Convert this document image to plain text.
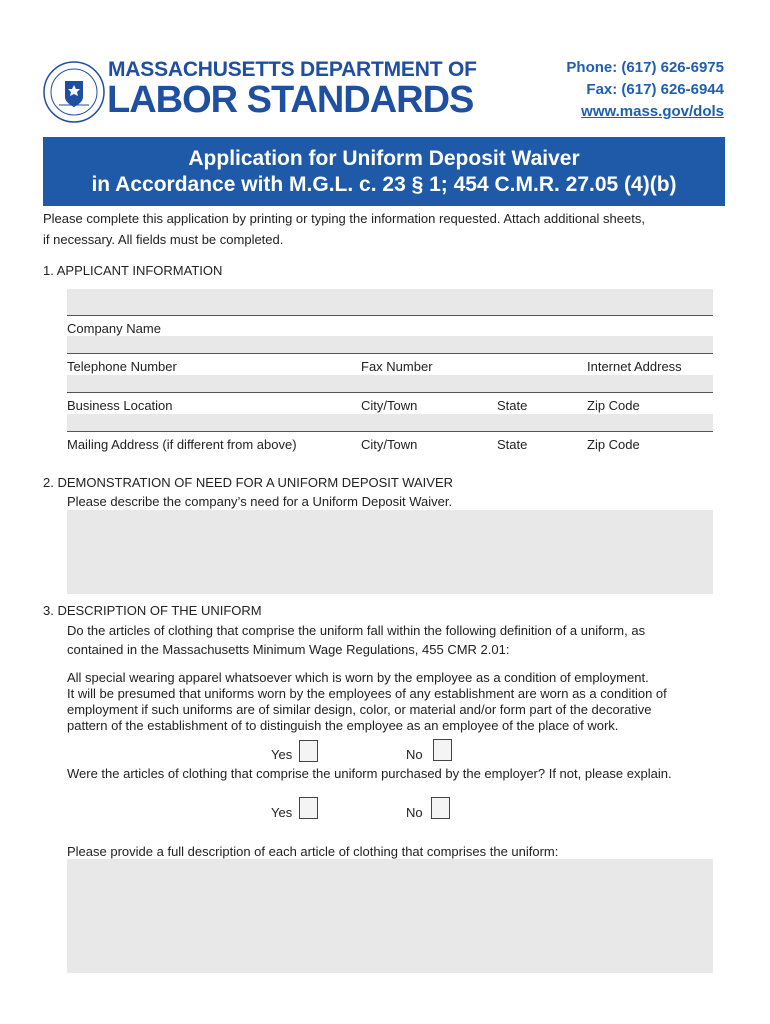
MASSACHUSETTS DEPARTMENT OF
LABOR STANDARDS
Phone: (617) 626-6975
Fax: (617) 626-6944
www.mass.gov/dols
Application for Uniform Deposit Waiver
in Accordance with M.G.L. c. 23 § 1; 454 C.M.R. 27.05 (4)(b)
Please complete this application by printing or typing the information requested. Attach additional sheets,
if necessary. All fields must be completed.
1. APPLICANT INFORMATION
Company Name
Telephone Number	Fax Number	Internet Address
Business Location	City/Town	State	Zip Code
Mailing Address (if different from above)	City/Town	State	Zip Code
2. DEMONSTRATION OF NEED FOR A UNIFORM DEPOSIT WAIVER
Please describe the company’s need for a Uniform Deposit Waiver.
3. DESCRIPTION OF THE UNIFORM
Do the articles of clothing that comprise the uniform fall within the following definition of a uniform, as
contained in the Massachusetts Minimum Wage Regulations, 455 CMR 2.01:
All special wearing apparel whatsoever which is worn by the employee as a condition of employment.
It will be presumed that uniforms worn by the employees of any establishment are worn as a condition of
employment if such uniforms are of similar design, color, or material and/or form part of the decorative
pattern of the establishment of to distinguish the employee as an employee of the place of work.
Yes	No
Were the articles of clothing that comprise the uniform purchased by the employer? If not, please explain.
Yes	No
Please provide a full description of each article of clothing that comprises the uniform:
